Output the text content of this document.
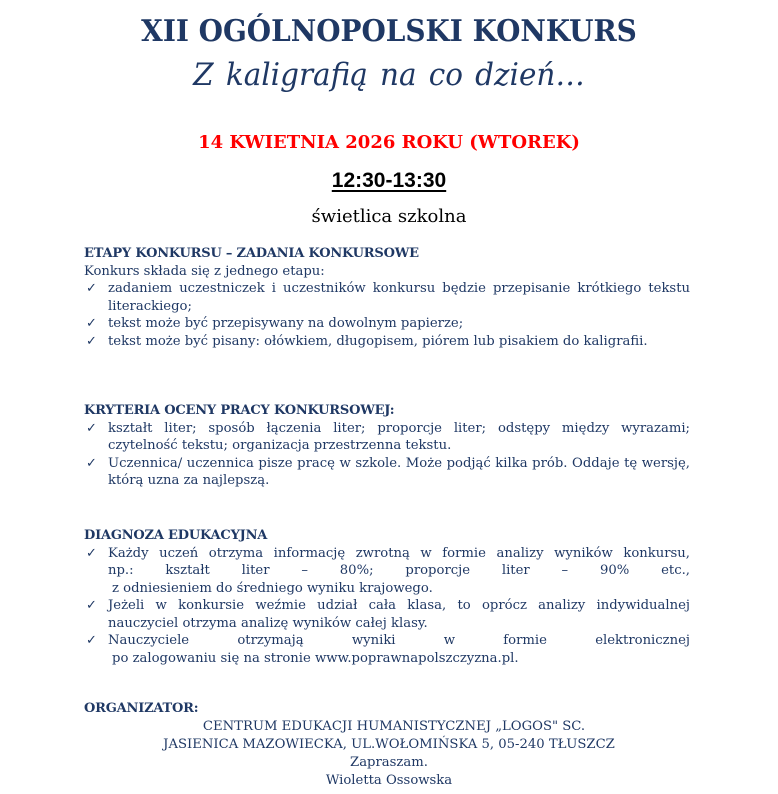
XII OGÓLNOPOLSKI KONKURS
Z kaligrafią na co dzień…
14 KWIETNIA 2026 ROKU (WTOREK)
12:30-13:30
świetlica szkolna
ETAPY KONKURSU – ZADANIA KONKURSOWE
Konkurs składa się z jednego etapu:
✓ zadaniem uczestniczek i uczestników konkursu będzie przepisanie krótkiego tekstu literackiego;
✓ tekst może być przepisywany na dowolnym papierze;
✓ tekst może być pisany: ołówkiem, długopisem, piórem lub pisakiem do kaligrafii.
KRYTERIA OCENY PRACY KONKURSOWEJ:
✓ kształt liter; sposób łączenia liter; proporcje liter; odstępy między wyrazami; czytelność tekstu; organizacja przestrzenna tekstu.
✓ Uczennica/ uczennica pisze pracę w szkole. Może podjąć kilka prób. Oddaje tę wersję, którą uzna za najlepszą.
DIAGNOZA EDUKACYJNA
✓ Każdy uczeń otrzyma informację zwrotną w formie analizy wyników konkursu,
np.: kształt liter – 80%; proporcje liter – 90% etc.,
z odniesieniem do średniego wyniku krajowego.
✓ Jeżeli w konkursie weźmie udział cała klasa, to oprócz analizy indywidualnej nauczyciel otrzyma analizę wyników całej klasy.
✓ Nauczyciele otrzymają wyniki w formie elektronicznej
po zalogowaniu się na stronie www.poprawnapolszczyzna.pl.
ORGANIZATOR:
CENTRUM EDUKACJI HUMANISTYCZNEJ „LOGOS" SC.
JASIENICA MAZOWIECKA, UL.WOŁOMIŃSKA 5, 05-240 TŁUSZCZ
Zapraszam.
Wioletta Ossowska
